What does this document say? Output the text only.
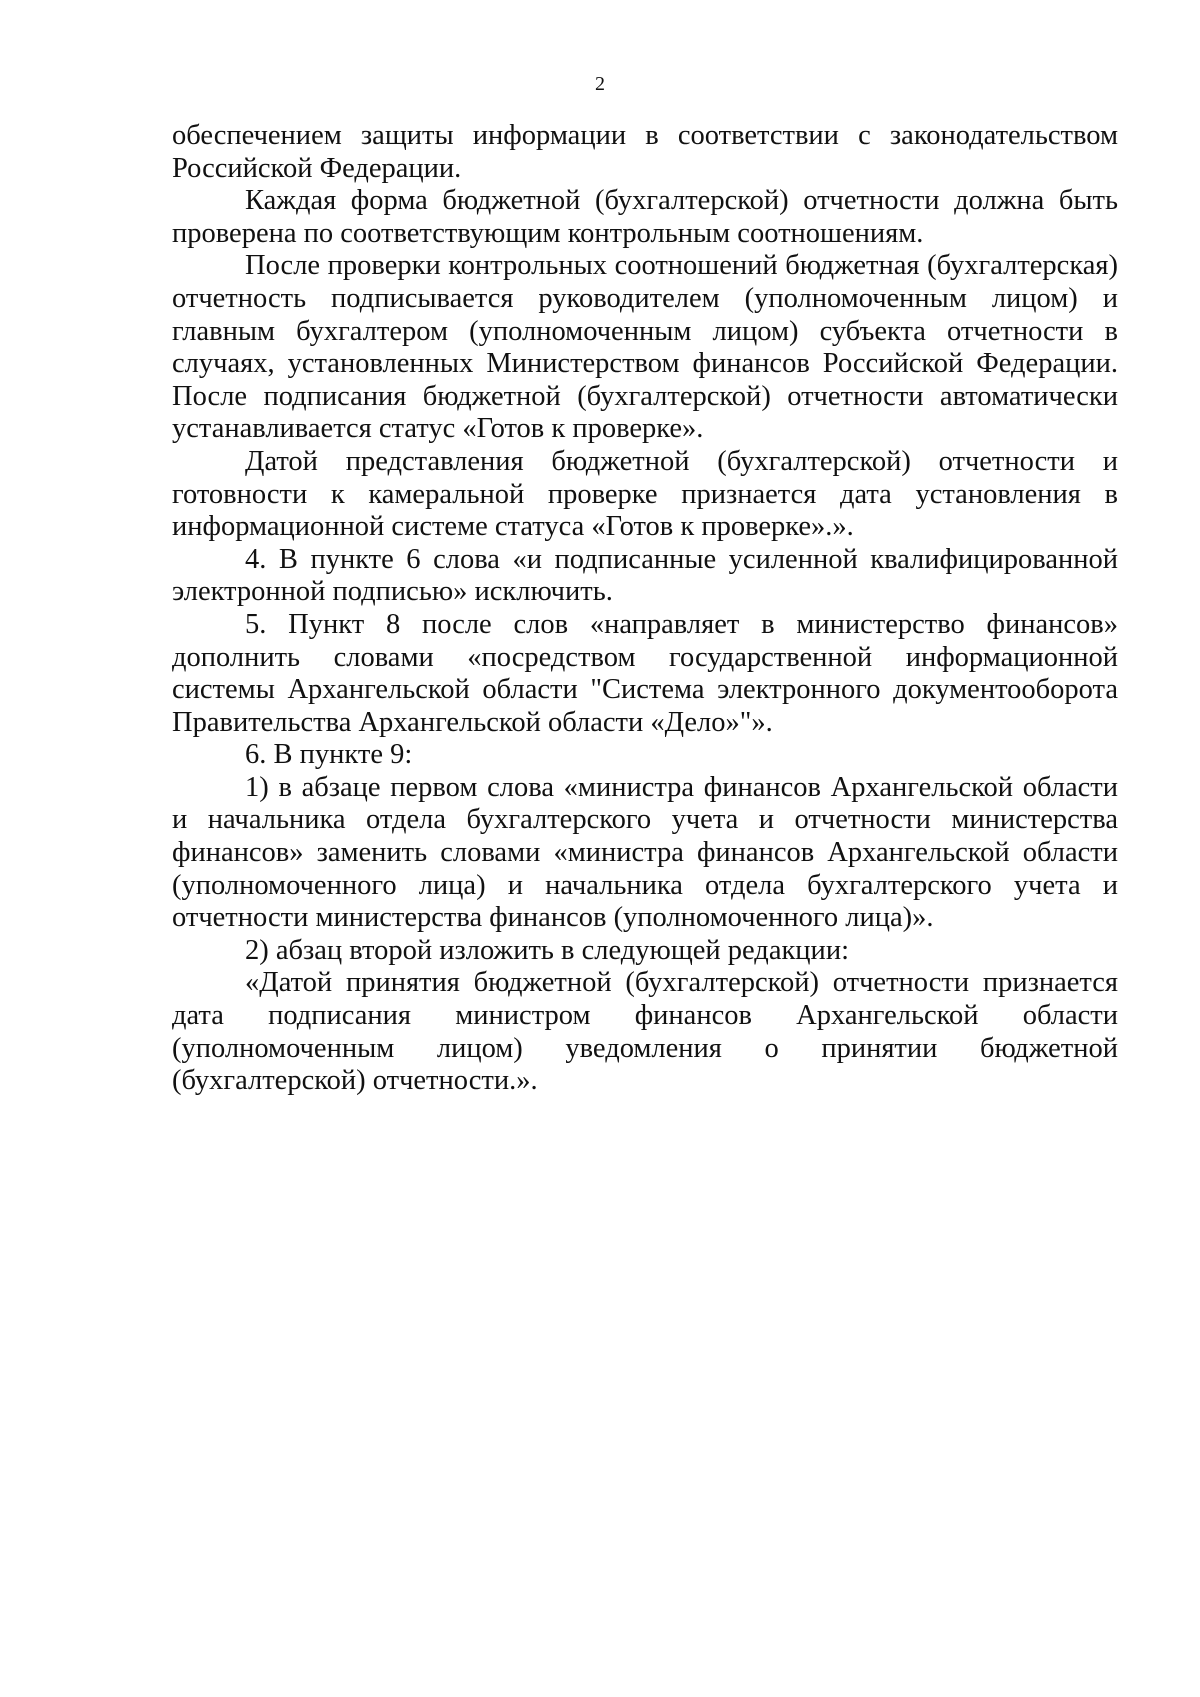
2

обеспечением защиты информации в соответствии с законодательством Российской Федерации.

Каждая форма бюджетной (бухгалтерской) отчетности должна быть проверена по соответствующим контрольным соотношениям.

После проверки контрольных соотношений бюджетная (бухгалтерская) отчетность подписывается руководителем (уполномоченным лицом) и главным бухгалтером (уполномоченным лицом) субъекта отчетности в случаях, установленных Министерством финансов Российской Федерации. После подписания бюджетной (бухгалтерской) отчетности автоматически устанавливается статус «Готов к проверке».

Датой представления бюджетной (бухгалтерской) отчетности и готовности к камеральной проверке признается дата установления в информационной системе статуса «Готов к проверке».».

4. В пункте 6 слова «и подписанные усиленной квалифицированной электронной подписью» исключить.

5. Пункт 8 после слов «направляет в министерство финансов» дополнить словами «посредством государственной информационной системы Архангельской области "Система электронного документооборота Правительства Архангельской области «Дело»"».

6. В пункте 9:

1) в абзаце первом слова «министра финансов Архангельской области и начальника отдела бухгалтерского учета и отчетности министерства финансов» заменить словами «министра финансов Архангельской области (уполномоченного лица) и начальника отдела бухгалтерского учета и отчетности министерства финансов (уполномоченного лица)».

2) абзац второй изложить в следующей редакции:

«Датой принятия бюджетной (бухгалтерской) отчетности признается дата подписания министром финансов Архангельской области (уполномоченным лицом) уведомления о принятии бюджетной (бухгалтерской) отчетности.».
